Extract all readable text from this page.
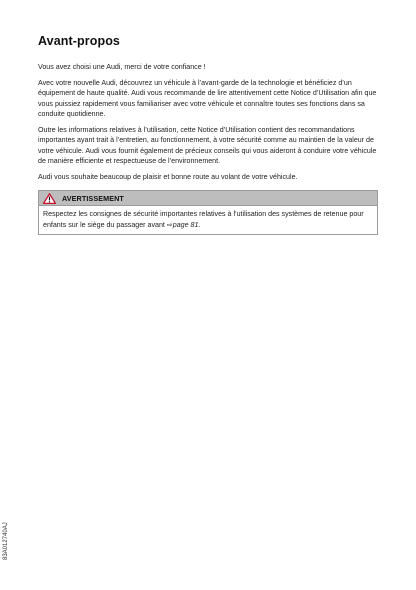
Avant-propos

Vous avez choisi une Audi, merci de votre confiance !

Avec votre nouvelle Audi, découvrez un véhicule à l’avant-garde de la technologie et bénéficiez d’un équipement de haute qualité. Audi vous recommande de lire attentivement cette Notice d’Utilisation afin que vous puissiez rapidement vous familiariser avec votre véhicule et connaître toutes ses fonctions dans sa conduite quotidienne.

Outre les informations relatives à l’utilisation, cette Notice d’Utilisation contient des recommandations importantes ayant trait à l’entretien, au fonctionnement, à votre sécurité comme au maintien de la valeur de votre véhicule. Audi vous fournit également de précieux conseils qui vous aideront à conduire votre véhicule de manière efficiente et respectueuse de l’environnement.

Audi vous souhaite beaucoup de plaisir et bonne route au volant de votre véhicule.

AVERTISSEMENT
Respectez les consignes de sécurité importantes relatives à l’utilisation des systèmes de retenue pour enfants sur le siège du passager avant ⇨page 81.
83A012740AJ
